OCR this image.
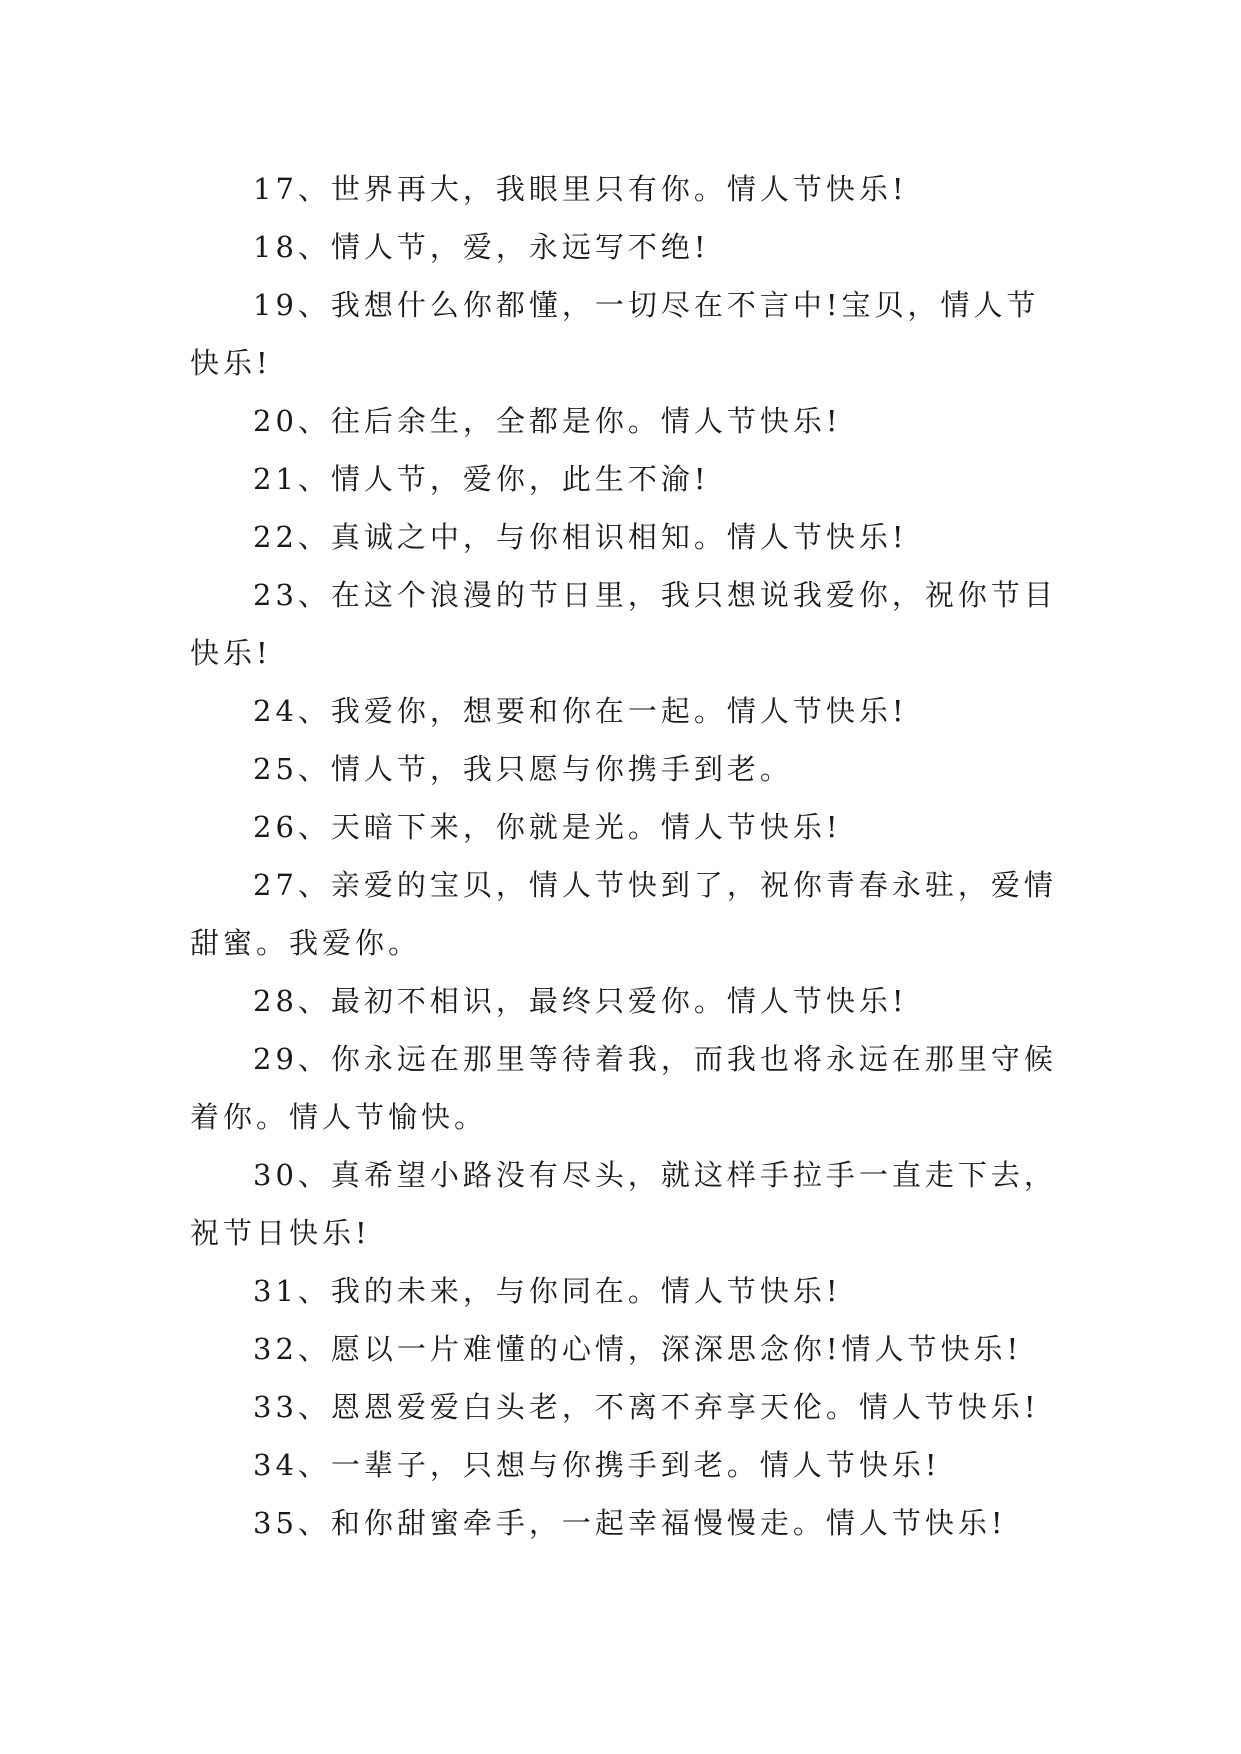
17、世界再大，我眼里只有你。情人节快乐!

18、情人节，爱，永远写不绝!

19、我想什么你都懂，一切尽在不言中!宝贝，情人节快乐!

20、往后余生，全都是你。情人节快乐!

21、情人节，爱你，此生不渝!

22、真诚之中，与你相识相知。情人节快乐!

23、在这个浪漫的节日里，我只想说我爱你，祝你节目快乐!

24、我爱你，想要和你在一起。情人节快乐!

25、情人节，我只愿与你携手到老。

26、天暗下来，你就是光。情人节快乐!

27、亲爱的宝贝，情人节快到了，祝你青春永驻，爱情甜蜜。我爱你。

28、最初不相识，最终只爱你。情人节快乐!

29、你永远在那里等待着我，而我也将永远在那里守候着你。情人节愉快。

30、真希望小路没有尽头，就这样手拉手一直走下去，祝节日快乐!

31、我的未来，与你同在。情人节快乐!

32、愿以一片难懂的心情，深深思念你!情人节快乐!

33、恩恩爱爱白头老，不离不弃享天伦。情人节快乐!

34、一辈子，只想与你携手到老。情人节快乐!

35、和你甜蜜牵手，一起幸福慢慢走。情人节快乐!
